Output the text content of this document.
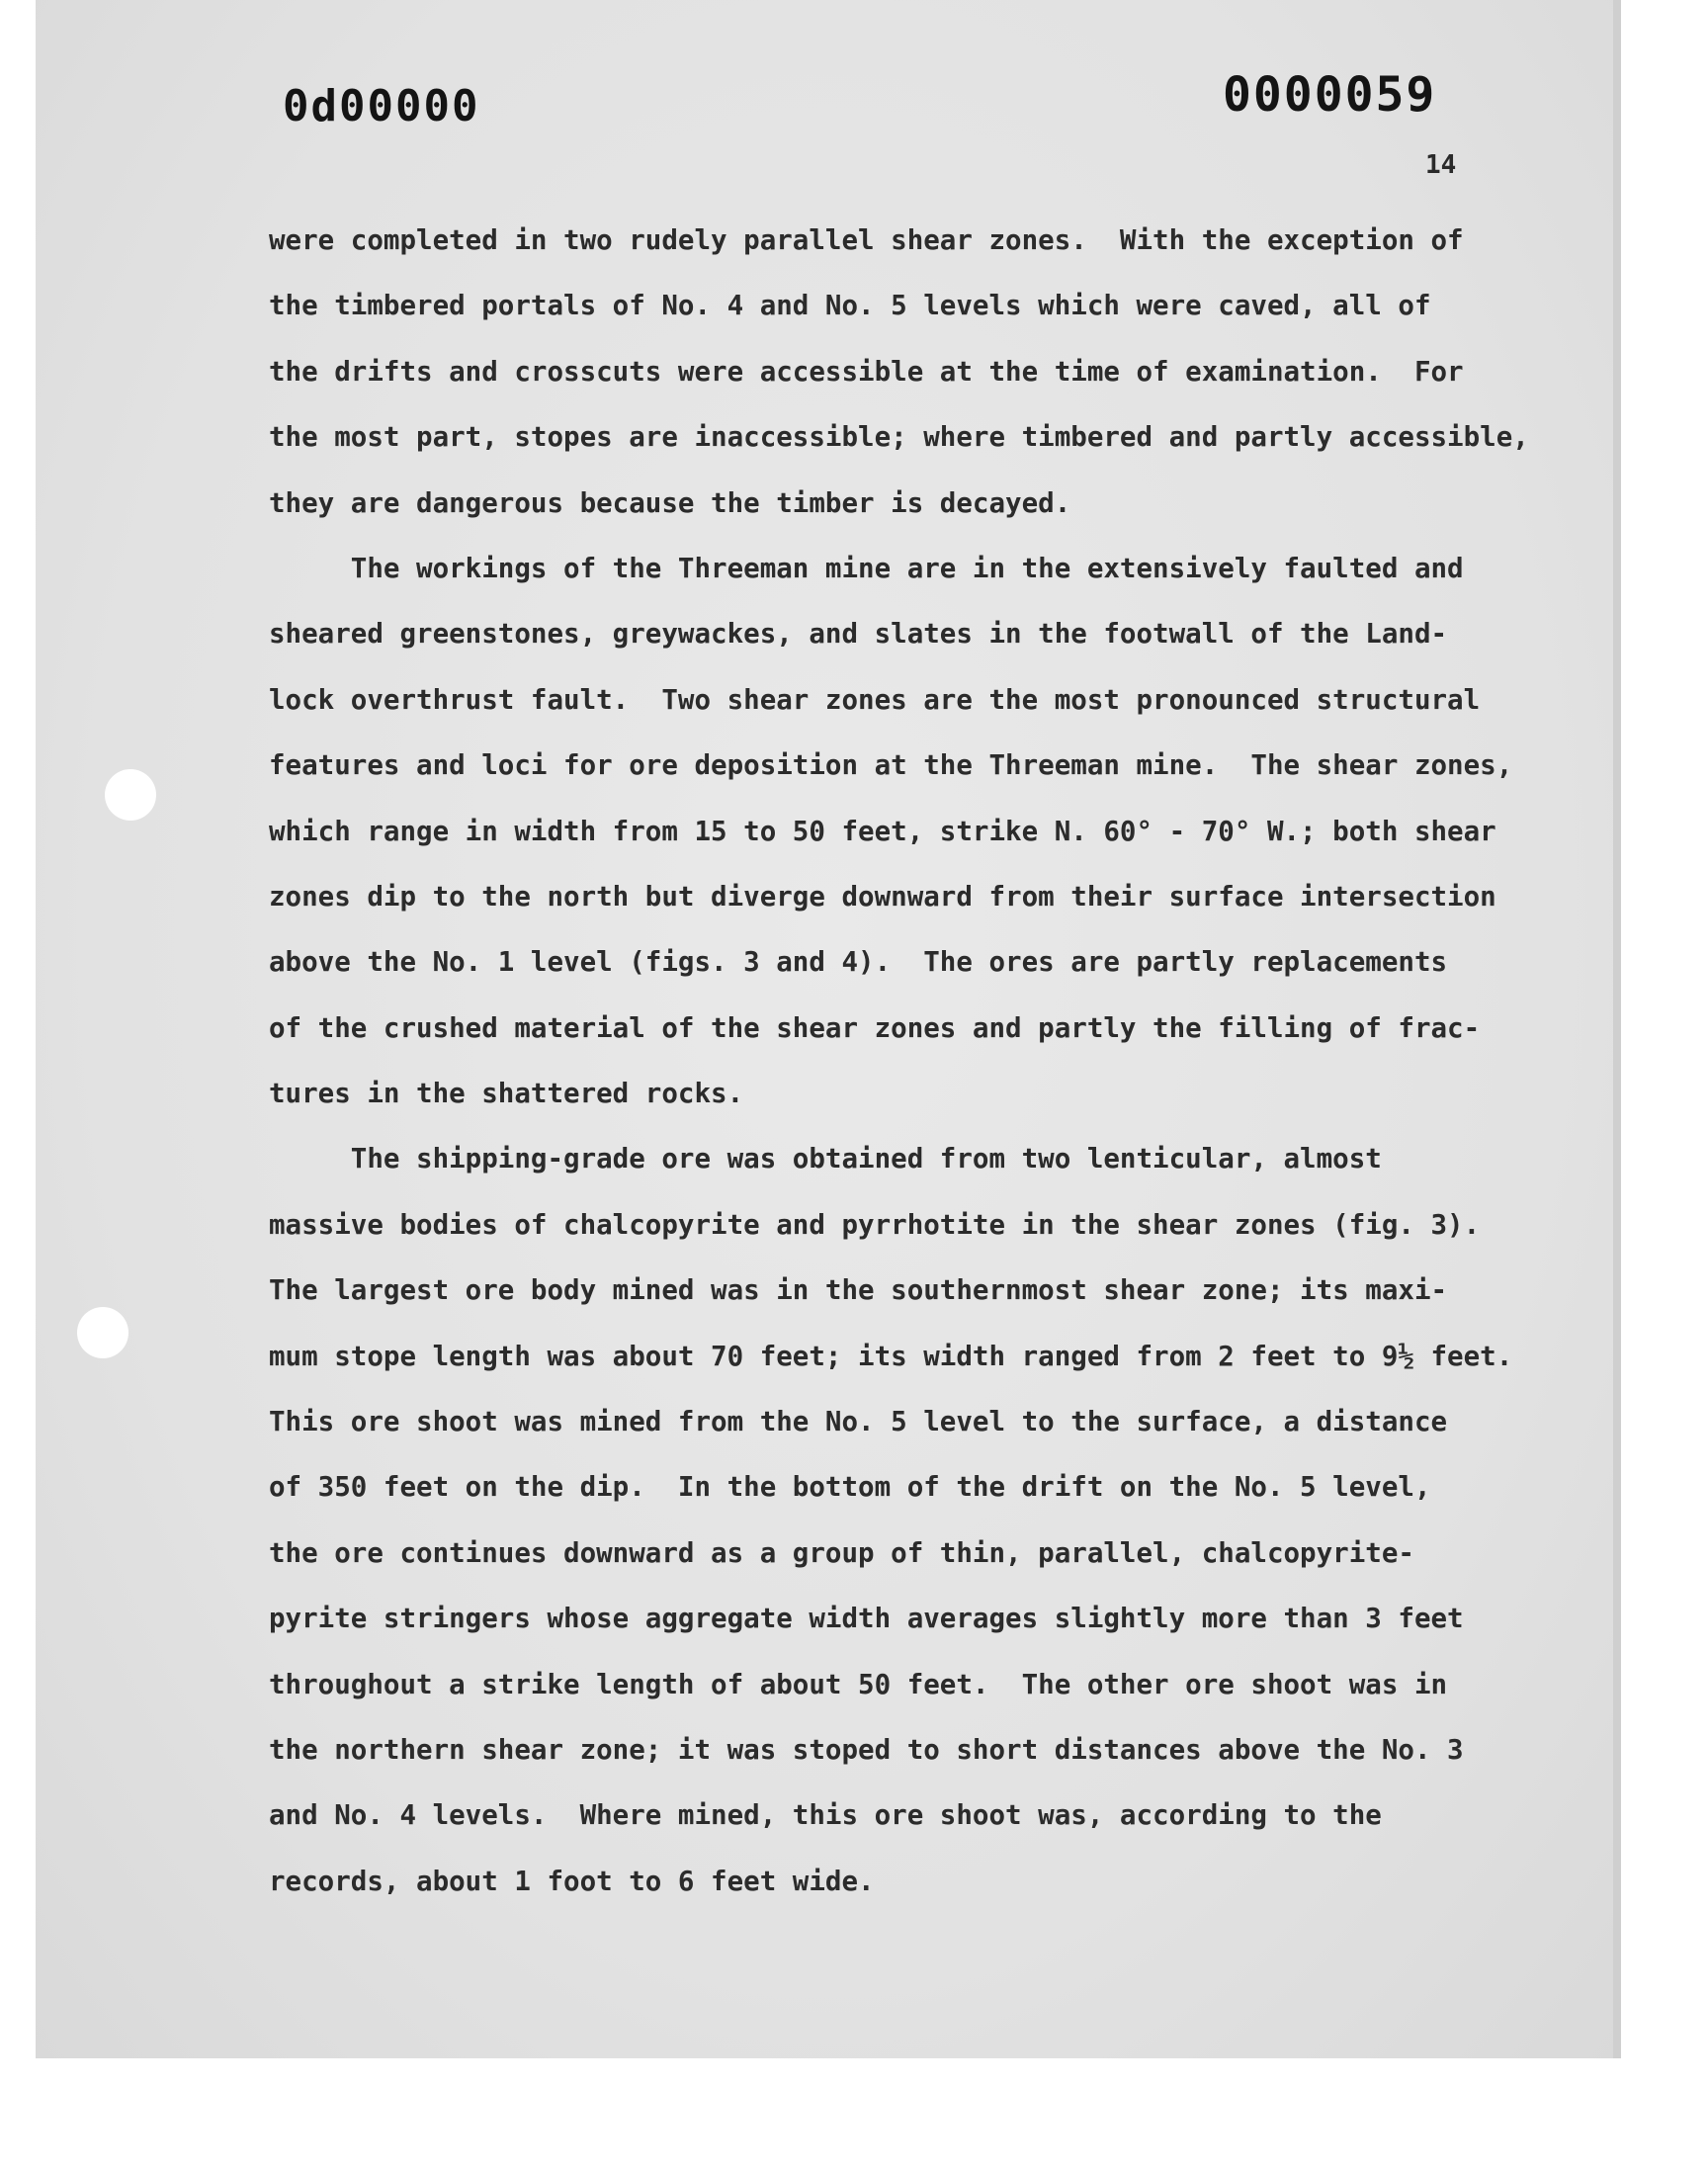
0d00000	0000059

14

were completed in two rudely parallel shear zones.  With the exception of
the timbered portals of No. 4 and No. 5 levels which were caved, all of
the drifts and crosscuts were accessible at the time of examination.  For
the most part, stopes are inaccessible; where timbered and partly accessible,
they are dangerous because the timber is decayed.
The workings of the Threeman mine are in the extensively faulted and
sheared greenstones, greywackes, and slates in the footwall of the Land-
lock overthrust fault.  Two shear zones are the most pronounced structural
features and loci for ore deposition at the Threeman mine.  The shear zones,
which range in width from 15 to 50 feet, strike N. 60° - 70° W.; both shear
zones dip to the north but diverge downward from their surface intersection
above the No. 1 level (figs. 3 and 4).  The ores are partly replacements
of the crushed material of the shear zones and partly the filling of frac-
tures in the shattered rocks.
The shipping-grade ore was obtained from two lenticular, almost
massive bodies of chalcopyrite and pyrrhotite in the shear zones (fig. 3).
The largest ore body mined was in the southernmost shear zone; its maxi-
mum stope length was about 70 feet; its width ranged from 2 feet to 9½ feet.
This ore shoot was mined from the No. 5 level to the surface, a distance
of 350 feet on the dip.  In the bottom of the drift on the No. 5 level,
the ore continues downward as a group of thin, parallel, chalcopyrite-
pyrite stringers whose aggregate width averages slightly more than 3 feet
throughout a strike length of about 50 feet.  The other ore shoot was in
the northern shear zone; it was stoped to short distances above the No. 3
and No. 4 levels.  Where mined, this ore shoot was, according to the
records, about 1 foot to 6 feet wide.
